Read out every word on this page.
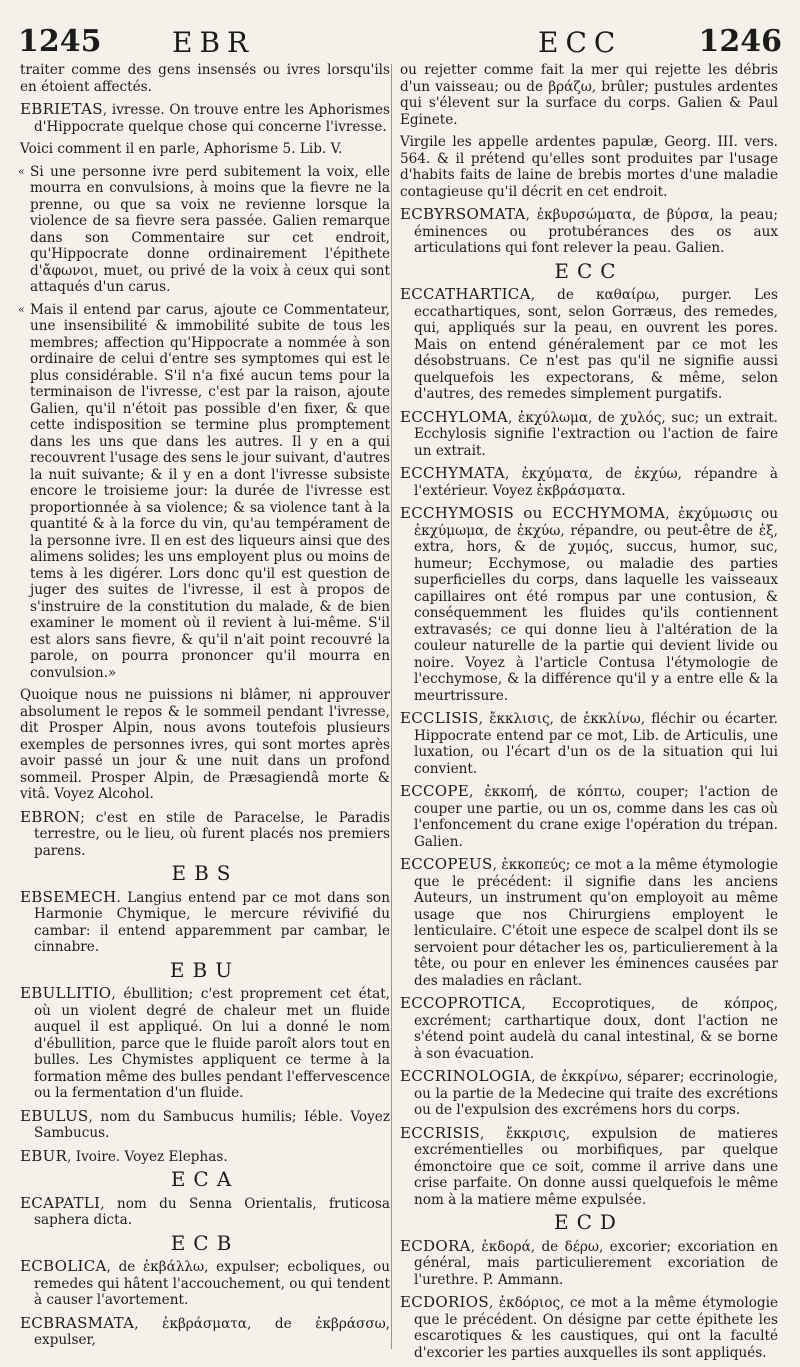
1245	EBR	ECC	1246

traiter comme des gens insensés ou ivres lorsqu'ils en étoient affectés.

EBRIETAS, ivresse. On trouve entre les Aphorismes d'Hippocrate quelque chose qui concerne l'ivresse.

Voici comment il en parle, Aphorisme 5. Lib. V.

« Si une personne ivre perd subitement la voix, elle mourra en convulsions, à moins que la fievre ne la prenne, ou que sa voix ne revienne lorsque la violence de sa fievre sera passée. Galien remarque dans son Commentaire sur cet endroit, qu'Hippocrate donne ordinairement l'épithete d'ἄφωνοι, muet, ou privé de la voix à ceux qui sont attaqués d'un carus.

« Mais il entend par carus, ajoute ce Commentateur, une insensibilité & immobilité subite de tous les membres; affection qu'Hippocrate a nommée à son ordinaire de celui d'entre ses symptomes qui est le plus considérable. S'il n'a fixé aucun tems pour la terminaison de l'ivresse, c'est par la raison, ajoute Galien, qu'il n'étoit pas possible d'en fixer, & que cette indisposition se termine plus promptement dans les uns que dans les autres. Il y en a qui recouvrent l'usage des sens le jour suivant, d'autres la nuit suivante; & il y en a dont l'ivresse subsiste encore le troisieme jour: la durée de l'ivresse est proportionnée à sa violence; & sa violence tant à la quantité & à la force du vin, qu'au tempérament de la personne ivre. Il en est des liqueurs ainsi que des alimens solides; les uns employent plus ou moins de tems à les digérer. Lors donc qu'il est question de juger des suites de l'ivresse, il est à propos de s'instruire de la constitution du malade, & de bien examiner le moment où il revient à lui-même. S'il est alors sans fievre, & qu'il n'ait point recouvré la parole, on pourra prononcer qu'il mourra en convulsion.»

Quoique nous ne puissions ni blâmer, ni approuver absolument le repos & le sommeil pendant l'ivresse, dit Prosper Alpin, nous avons toutefois plusieurs exemples de personnes ivres, qui sont mortes après avoir passé un jour & une nuit dans un profond sommeil. Prosper Alpin, de Præsagiendâ morte & vitâ. Voyez Alcohol.

EBRON; c'est en stile de Paracelse, le Paradis terrestre, ou le lieu, où furent placés nos premiers parens.

EBS

EBSEMECH. Langius entend par ce mot dans son Harmonie Chymique, le mercure révivifié du cambar: il entend apparemment par cambar, le cinnabre.

EBU

EBULLITIO, ébullition; c'est proprement cet état, où un violent degré de chaleur met un fluide auquel il est appliqué. On lui a donné le nom d'ébullition, parce que le fluide paroît alors tout en bulles. Les Chymistes appliquent ce terme à la formation même des bulles pendant l'effervescence ou la fermentation d'un fluide.

EBULUS, nom du Sambucus humilis; Iéble. Voyez Sambucus.

EBUR, Ivoire. Voyez Elephas.

ECA

ECAPATLI, nom du Senna Orientalis, fruticosa saphera dicta.

ECB

ECBOLICA, de ἐκβάλλω, expulser; ecboliques, ou remedes qui hâtent l'accouchement, ou qui tendent à causer l'avortement.

ECBRASMATA, ἐκβράσματα, de ἐκβράσσω, expulser,

ou rejetter comme fait la mer qui rejette les débris d'un vaisseau; ou de βράζω, brûler; pustules ardentes qui s'élevent sur la surface du corps. Galien & Paul Eginete.

Virgile les appelle ardentes papulæ, Georg. III. vers. 564. & il prétend qu'elles sont produites par l'usage d'habits faits de laine de brebis mortes d'une maladie contagieuse qu'il décrit en cet endroit.

ECBYRSOMATA, ἐκβυρσώματα, de βύρσα, la peau; éminences ou protubérances des os aux articulations qui font relever la peau. Galien.

ECC

ECCATHARTICA, de καθαίρω, purger. Les eccathartiques, sont, selon Gorræus, des remedes, qui, appliqués sur la peau, en ouvrent les pores. Mais on entend généralement par ce mot les désobstruans. Ce n'est pas qu'il ne signifie aussi quelquefois les expectorans, & même, selon d'autres, des remedes simplement purgatifs.

ECCHYLOMA, ἐκχύλωμα, de χυλός, suc; un extrait. Ecchylosis signifie l'extraction ou l'action de faire un extrait.

ECCHYMATA, ἐκχύματα, de ἐκχύω, répandre à l'extérieur. Voyez ἐκβράσματα.

ECCHYMOSIS ou ECCHYMOMA, ἐκχύμωσις ou ἐκχύμωμα, de ἐκχύω, répandre, ou peut-être de ἐξ, extra, hors, & de χυμός, succus, humor, suc, humeur; Ecchymose, ou maladie des parties superficielles du corps, dans laquelle les vaisseaux capillaires ont été rompus par une contusion, & conséquemment les fluides qu'ils contiennent extravasés; ce qui donne lieu à l'altération de la couleur naturelle de la partie qui devient livide ou noire. Voyez à l'article Contusa l'étymologie de l'ecchymose, & la différence qu'il y a entre elle & la meurtrissure.

ECCLISIS, ἔκκλισις, de ἐκκλίνω, fléchir ou écarter. Hippocrate entend par ce mot, Lib. de Articulis, une luxation, ou l'écart d'un os de la situation qui lui convient.

ECCOPE, ἐκκοπή, de κόπτω, couper; l'action de couper une partie, ou un os, comme dans les cas où l'enfoncement du crane exige l'opération du trépan. Galien.

ECCOPEUS, ἐκκοπεύς; ce mot a la même étymologie que le précédent: il signifie dans les anciens Auteurs, un instrument qu'on employoit au même usage que nos Chirurgiens employent le lenticulaire. C'étoit une espece de scalpel dont ils se servoient pour détacher les os, particulierement à la tête, ou pour en enlever les éminences causées par des maladies en râclant.

ECCOPROTICA, Eccoprotiques, de κόπρος, excrément; carthartique doux, dont l'action ne s'étend point audelà du canal intestinal, & se borne à son évacuation.

ECCRINOLOGIA, de ἐκκρίνω, séparer; eccrinologie, ou la partie de la Medecine qui traite des excrétions ou de l'expulsion des excrémens hors du corps.

ECCRISIS, ἔκκρισις, expulsion de matieres excrémentielles ou morbifiques, par quelque émonctoire que ce soit, comme il arrive dans une crise parfaite. On donne aussi quelquefois le même nom à la matiere même expulsée.

ECD

ECDORA, ἐκδορά, de δέρω, excorier; excoriation en général, mais particulierement excoriation de l'urethre. P. Ammann.

ECDORIOS, ἐκδόριος, ce mot a la même étymologie que le précédent. On désigne par cette épithete les escarotiques & les caustiques, qui ont la faculté d'excorier les parties auxquelles ils sont appliqués.
